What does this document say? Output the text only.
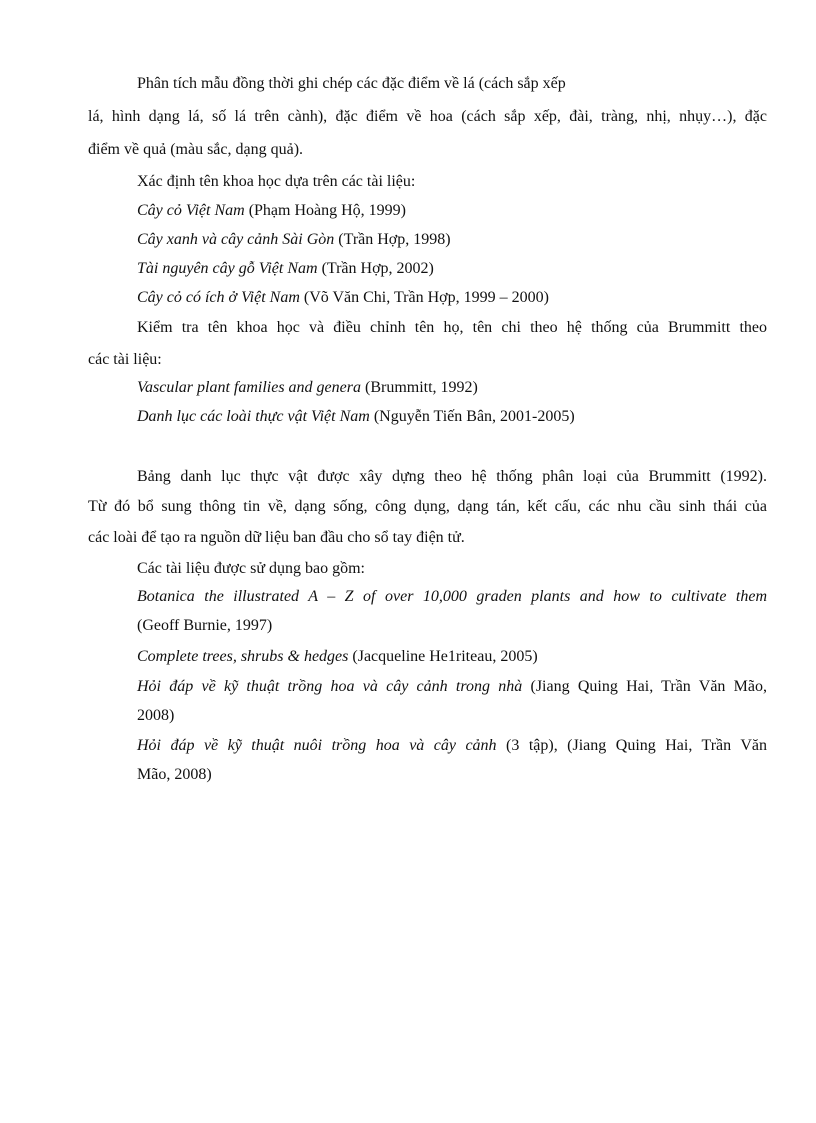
Phân tích mẫu đồng thời ghi chép các đặc điểm về lá (cách sắp xếp
lá, hình dạng lá, số lá trên cành), đặc điểm về hoa (cách sắp xếp, đài, tràng, nhị, nhụy…), đặc
điểm về quả (màu sắc, dạng quả).
Xác định tên khoa học dựa trên các tài liệu:
Cây cỏ Việt Nam (Phạm Hoàng Hộ, 1999)
Cây xanh và cây cảnh Sài Gòn (Trần Hợp, 1998)
Tài nguyên cây gỗ Việt Nam (Trần Hợp, 2002)
Cây cỏ có ích ở Việt Nam (Võ Văn Chi, Trần Hợp, 1999 – 2000)
Kiểm tra tên khoa học và điều chỉnh tên họ, tên chi theo hệ thống của Brummitt theo
các tài liệu:
Vascular plant families and genera (Brummitt, 1992)
Danh lục các loài thực vật Việt Nam (Nguyễn Tiến Bân, 2001-2005)
Bảng danh lục thực vật được xây dựng theo hệ thống phân loại của Brummitt (1992).
Từ đó bổ sung thông tin về, dạng sống, công dụng, dạng tán, kết cấu, các nhu cầu sinh thái của
các loài để tạo ra nguồn dữ liệu ban đầu cho sổ tay điện tử.
Các tài liệu được sử dụng bao gồm:
Botanica the illustrated A – Z of over 10,000 graden plants and how to cultivate them
(Geoff Burnie, 1997)
Complete trees, shrubs & hedges (Jacqueline He1riteau, 2005)
Hỏi đáp về kỹ thuật trồng hoa và cây cảnh trong nhà (Jiang Quing Hai, Trần Văn Mão,
2008)
Hỏi đáp về kỹ thuật nuôi trồng hoa và cây cảnh (3 tập), (Jiang Quing Hai, Trần Văn
Mão, 2008)
